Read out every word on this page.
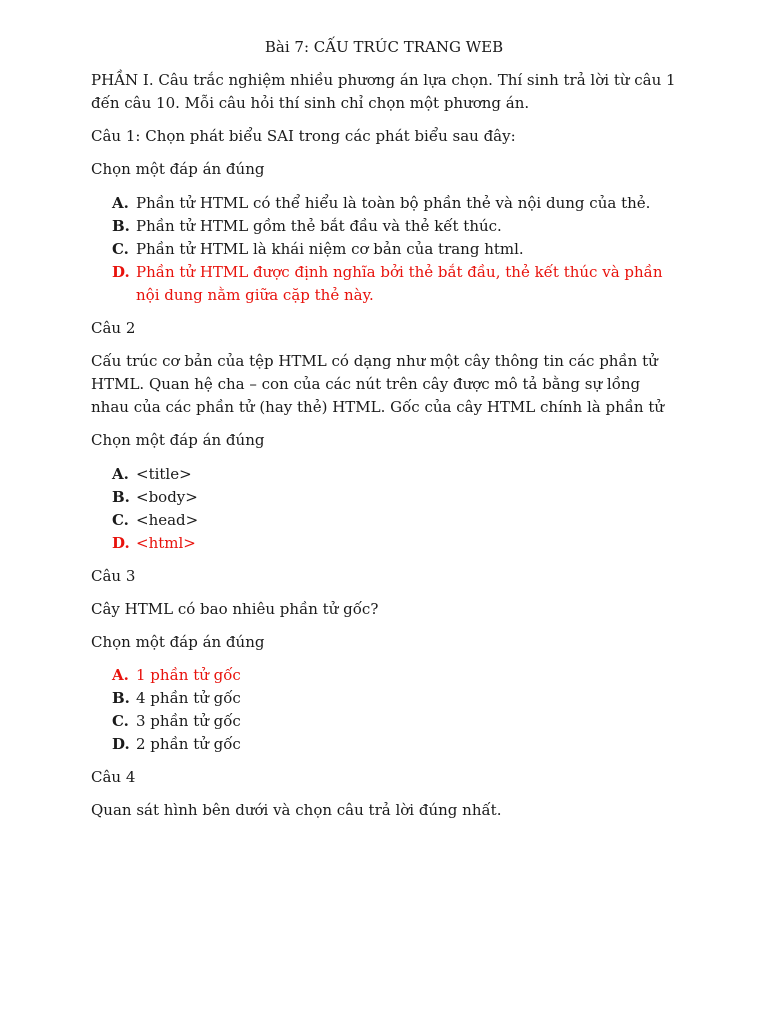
Bài 7: CẤU TRÚC TRANG WEB

PHẦN I. Câu trắc nghiệm nhiều phương án lựa chọn. Thí sinh trả lời từ câu 1 đến câu 10. Mỗi câu hỏi thí sinh chỉ chọn một phương án.

Câu 1: Chọn phát biểu SAI trong các phát biểu sau đây:

Chọn một đáp án đúng

A. Phần tử HTML có thể hiểu là toàn bộ phần thẻ và nội dung của thẻ.
B. Phần tử HTML gồm thẻ bắt đầu và thẻ kết thúc.
C. Phần tử HTML là khái niệm cơ bản của trang html.
D. Phần tử HTML được định nghĩa bởi thẻ bắt đầu, thẻ kết thúc và phần nội dung nằm giữa cặp thẻ này.

Câu 2

Cấu trúc cơ bản của tệp HTML có dạng như một cây thông tin các phần tử HTML. Quan hệ cha – con của các nút trên cây được mô tả bằng sự lồng nhau của các phần tử (hay thẻ) HTML. Gốc của cây HTML chính là phần tử

Chọn một đáp án đúng

A. <title>
B. <body>
C. <head>
D. <html>

Câu 3

Cây HTML có bao nhiêu phần tử gốc?

Chọn một đáp án đúng

A. 1 phần tử gốc
B. 4 phần tử gốc
C. 3 phần tử gốc
D. 2 phần tử gốc

Câu 4

Quan sát hình bên dưới và chọn câu trả lời đúng nhất.
